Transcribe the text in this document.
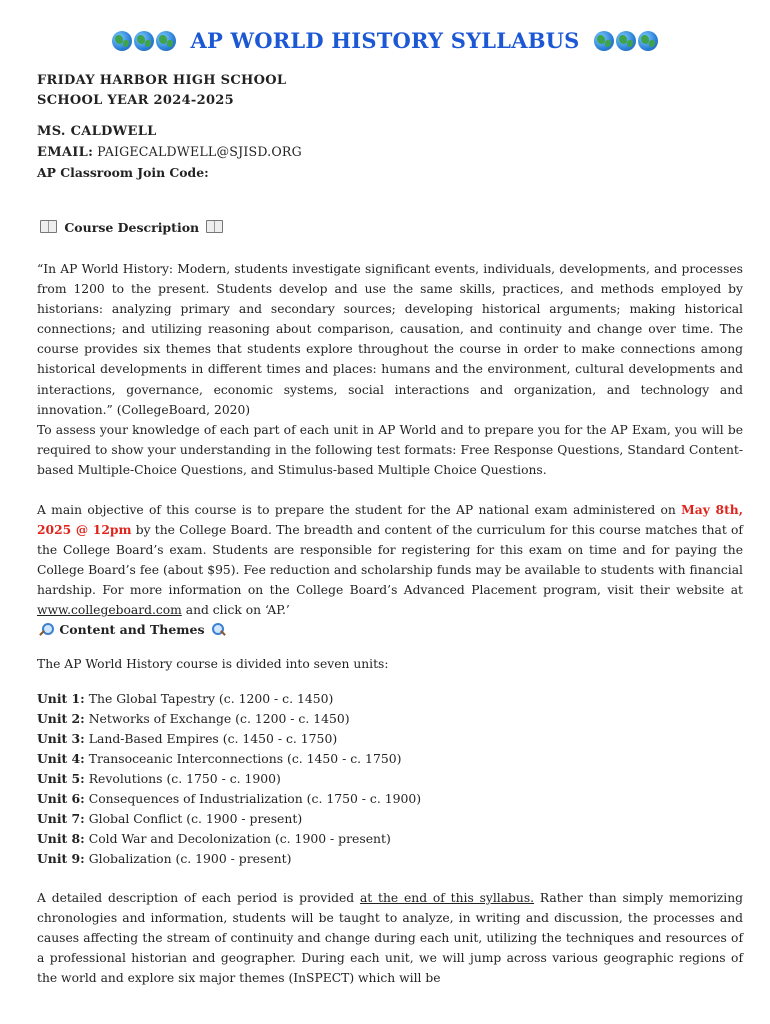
AP WORLD HISTORY SYLLABUS
FRIDAY HARBOR HIGH SCHOOL
SCHOOL YEAR 2024-2025
MS. CALDWELL
EMAIL: PAIGECALDWELL@SJISD.ORG
AP Classroom Join Code:
Course Description
“In AP World History: Modern, students investigate significant events, individuals, developments, and processes from 1200 to the present. Students develop and use the same skills, practices, and methods employed by historians: analyzing primary and secondary sources; developing historical arguments; making historical connections; and utilizing reasoning about comparison, causation, and continuity and change over time. The course provides six themes that students explore throughout the course in order to make connections among historical developments in different times and places: humans and the environment, cultural developments and interactions, governance, economic systems, social interactions and organization, and technology and innovation.” (CollegeBoard, 2020)
To assess your knowledge of each part of each unit in AP World and to prepare you for the AP Exam, you will be required to show your understanding in the following test formats: Free Response Questions, Standard Content-based Multiple-Choice Questions, and Stimulus-based Multiple Choice Questions.
A main objective of this course is to prepare the student for the AP national exam administered on May 8th, 2025 @ 12pm by the College Board. The breadth and content of the curriculum for this course matches that of the College Board’s exam. Students are responsible for registering for this exam on time and for paying the College Board’s fee (about $95). Fee reduction and scholarship funds may be available to students with financial hardship. For more information on the College Board’s Advanced Placement program, visit their website at www.collegeboard.com and click on ‘AP.’
Content and Themes
The AP World History course is divided into seven units:
Unit 1: The Global Tapestry (c. 1200 - c. 1450)
Unit 2: Networks of Exchange (c. 1200 - c. 1450)
Unit 3: Land-Based Empires (c. 1450 - c. 1750)
Unit 4: Transoceanic Interconnections (c. 1450 - c. 1750)
Unit 5: Revolutions (c. 1750 - c. 1900)
Unit 6: Consequences of Industrialization (c. 1750 - c. 1900)
Unit 7: Global Conflict (c. 1900 - present)
Unit 8: Cold War and Decolonization (c. 1900 - present)
Unit 9: Globalization (c. 1900 - present)
A detailed description of each period is provided at the end of this syllabus. Rather than simply memorizing chronologies and information, students will be taught to analyze, in writing and discussion, the processes and causes affecting the stream of continuity and change during each unit, utilizing the techniques and resources of a professional historian and geographer. During each unit, we will jump across various geographic regions of the world and explore six major themes (InSPECT) which will be
